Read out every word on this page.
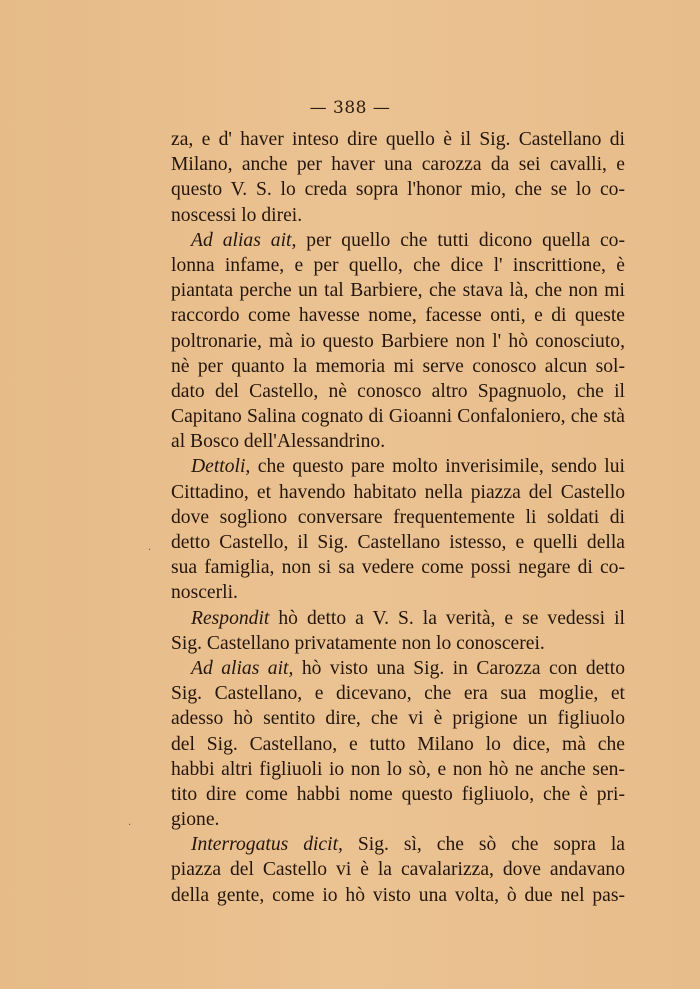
— 388 —
za, e d' haver inteso dire quello è il Sig. Castellano di
Milano, anche per haver una carozza da sei cavalli, e
questo V. S. lo creda sopra l'honor mio, che se lo co-
noscessi lo direi.
Ad alias ait, per quello che tutti dicono quella co-
lonna infame, e per quello, che dice l' inscrittione, è
piantata perche un tal Barbiere, che stava là, che non mi
raccordo come havesse nome, facesse onti, e di queste
poltronarie, mà io questo Barbiere non l' hò conosciuto,
nè per quanto la memoria mi serve conosco alcun sol-
dato del Castello, nè conosco altro Spagnuolo, che il
Capitano Salina cognato di Gioanni Confaloniero, che stà
al Bosco dell'Alessandrino.
Dettoli, che questo pare molto inverisimile, sendo lui
Cittadino, et havendo habitato nella piazza del Castello
dove sogliono conversare frequentemente li soldati di
detto Castello, il Sig. Castellano istesso, e quelli della
sua famiglia, non si sa vedere come possi negare di co-
noscerli.
Respondit hò detto a V. S. la verità, e se vedessi il
Sig. Castellano privatamente non lo conoscerei.
Ad alias ait, hò visto una Sig. in Carozza con detto
Sig. Castellano, e dicevano, che era sua moglie, et
adesso hò sentito dire, che vi è prigione un figliuolo
del Sig. Castellano, e tutto Milano lo dice, mà che
habbi altri figliuoli io non lo sò, e non hò ne anche sen-
tito dire come habbi nome questo figliuolo, che è pri-
gione.
Interrogatus dicit, Sig. sì, che sò che sopra la
piazza del Castello vi è la cavalarizza, dove andavano
della gente, come io hò visto una volta, ò due nel pas-
·
·
